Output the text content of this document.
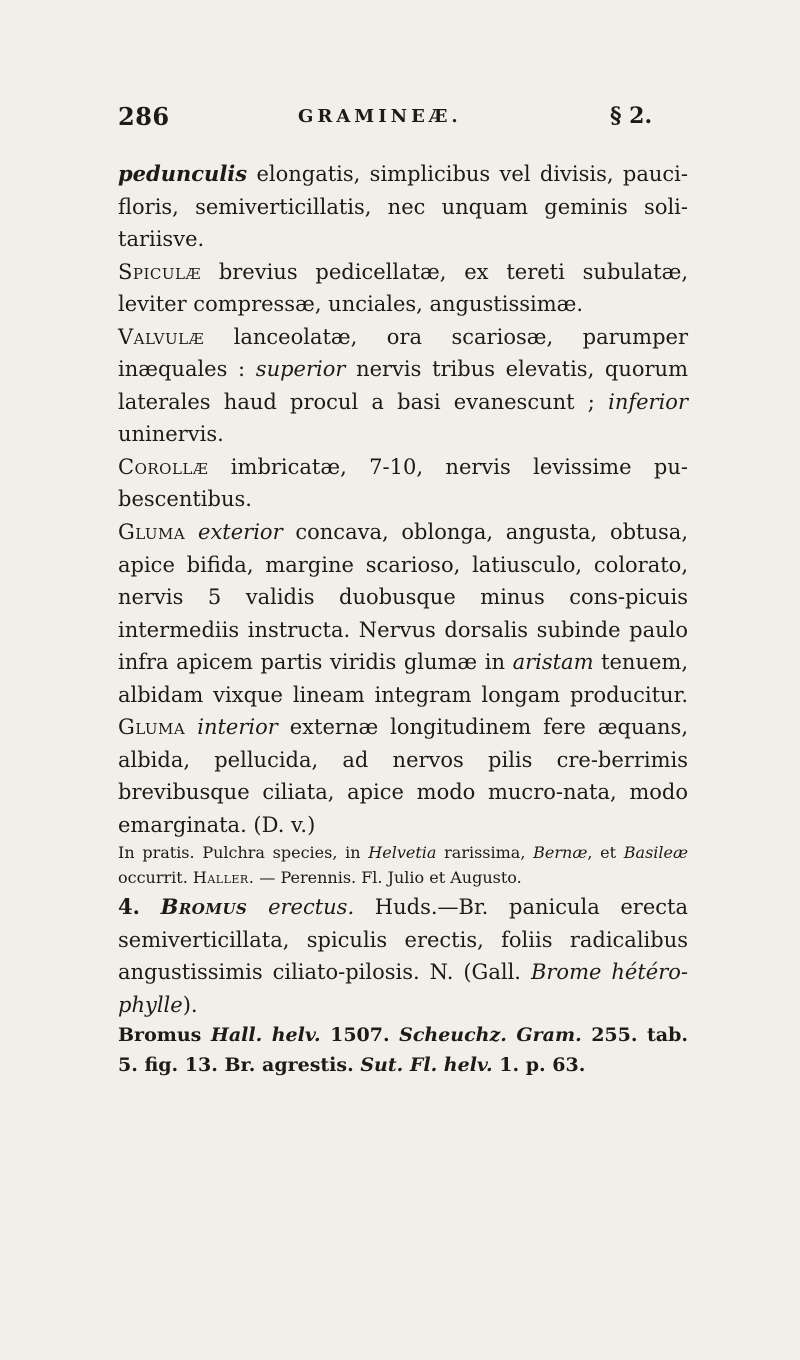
286	GRAMINEÆ.	§ 2.

pedunculis elongatis, simplicibus vel divisis, pauci- floris, semiverticillatis, nec unquam geminis soli- tariisve.

Spiculæ brevius pedicellatæ, ex tereti subulatæ, leviter compressæ, unciales, angustissimæ.

Valvulæ lanceolatæ, ora scariosæ, parumper inæquales : superior nervis tribus elevatis, quorum laterales haud procul a basi evanescunt ; inferior uninervis.

Corollæ imbricatæ, 7-10, nervis levissime pu-bescentibus.

Gluma exterior concava, oblonga, angusta, obtusa, apice bifida, margine scarioso, latiusculo, colorato, nervis 5 validis duobusque minus cons-picuis intermediis instructa. Nervus dorsalis subinde paulo infra apicem partis viridis glumæ in aristam tenuem, albidam vixque lineam integram longam producitur. Gluma interior externæ longitudinem fere æquans, albida, pellucida, ad nervos pilis cre-berrimis brevibusque ciliata, apice modo mucro-nata, modo emarginata. (D. v.)

In pratis. Pulchra species, in Helvetia rarissima, Bernæ, et Basileæ occurrit. Haller. — Perennis. Fl. Julio et Augusto.

4. Bromus erectus. Huds.—Br. panicula erecta semiverticillata, spiculis erectis, foliis radicalibus angustissimis ciliato-pilosis. N. (Gall. Brome hétéro-phylle).

Bromus Hall. helv. 1507. Scheuchz. Gram. 255. tab. 5. fig. 13. Br. agrestis. Sut. Fl. helv. 1. p. 63.
